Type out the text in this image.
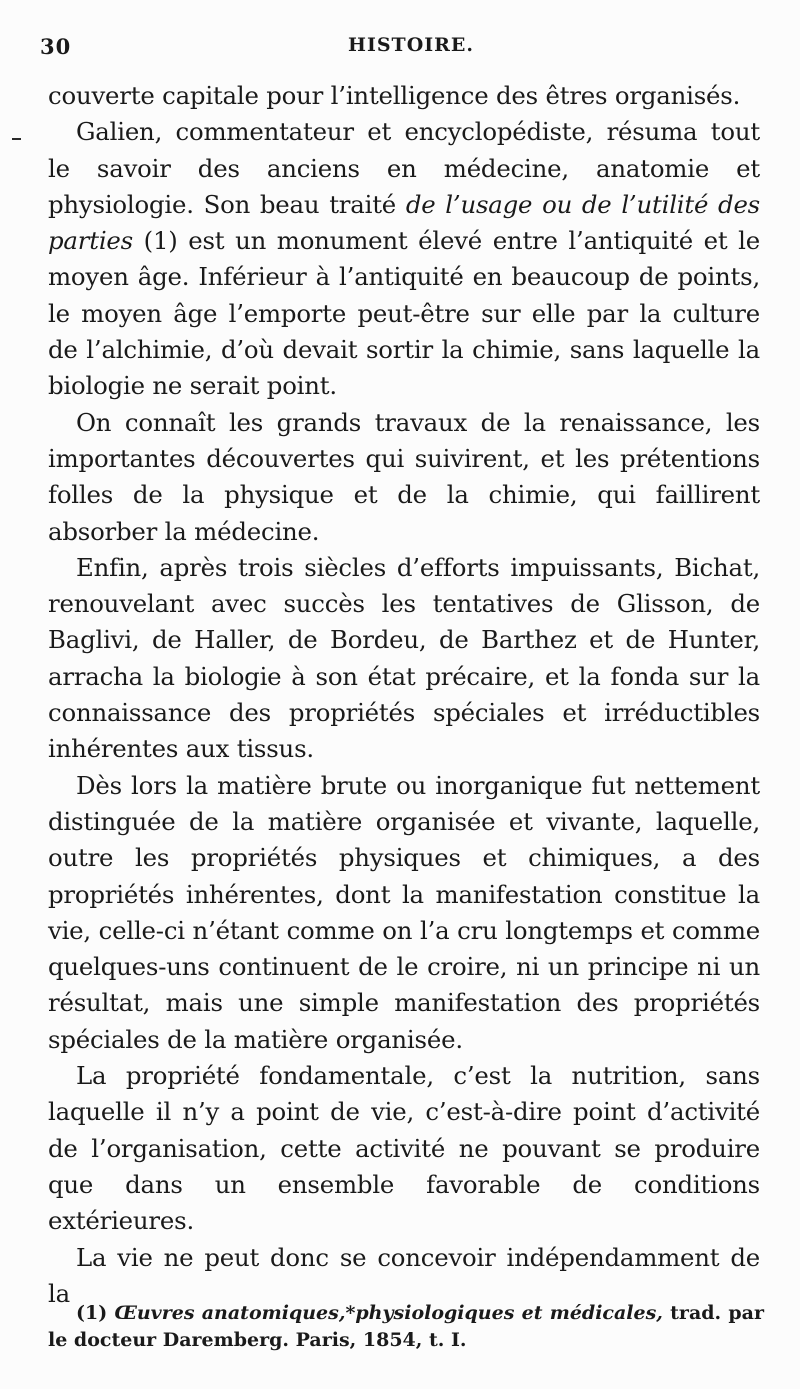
30	HISTOIRE.

couverte capitale pour l’intelligence des êtres organisés.

Galien, commentateur et encyclopédiste, résuma tout le savoir des anciens en médecine, anatomie et physiologie. Son beau traité de l’usage ou de l’utilité des parties (1) est un monument élevé entre l’antiquité et le moyen âge. Inférieur à l’antiquité en beaucoup de points, le moyen âge l’emporte peut-être sur elle par la culture de l’alchimie, d’où devait sortir la chimie, sans laquelle la biologie ne serait point.

On connaît les grands travaux de la renaissance, les importantes découvertes qui suivirent, et les prétentions folles de la physique et de la chimie, qui faillirent absorber la médecine.

Enfin, après trois siècles d’efforts impuissants, Bichat, renouvelant avec succès les tentatives de Glisson, de Baglivi, de Haller, de Bordeu, de Barthez et de Hunter, arracha la biologie à son état précaire, et la fonda sur la connaissance des propriétés spéciales et irréductibles inhérentes aux tissus.

Dès lors la matière brute ou inorganique fut nettement distinguée de la matière organisée et vivante, laquelle, outre les propriétés physiques et chimiques, a des propriétés inhérentes, dont la manifestation constitue la vie, celle-ci n’étant comme on l’a cru longtemps et comme quelques-uns continuent de le croire, ni un principe ni un résultat, mais une simple manifestation des propriétés spéciales de la matière organisée.

La propriété fondamentale, c’est la nutrition, sans laquelle il n’y a point de vie, c’est-à-dire point d’activité de l’organisation, cette activité ne pouvant se produire que dans un ensemble favorable de conditions extérieures.

La vie ne peut donc se concevoir indépendamment de la

(1) Œuvres anatomiques,*physiologiques et médicales, trad. par le docteur Daremberg. Paris, 1854, t. I.
